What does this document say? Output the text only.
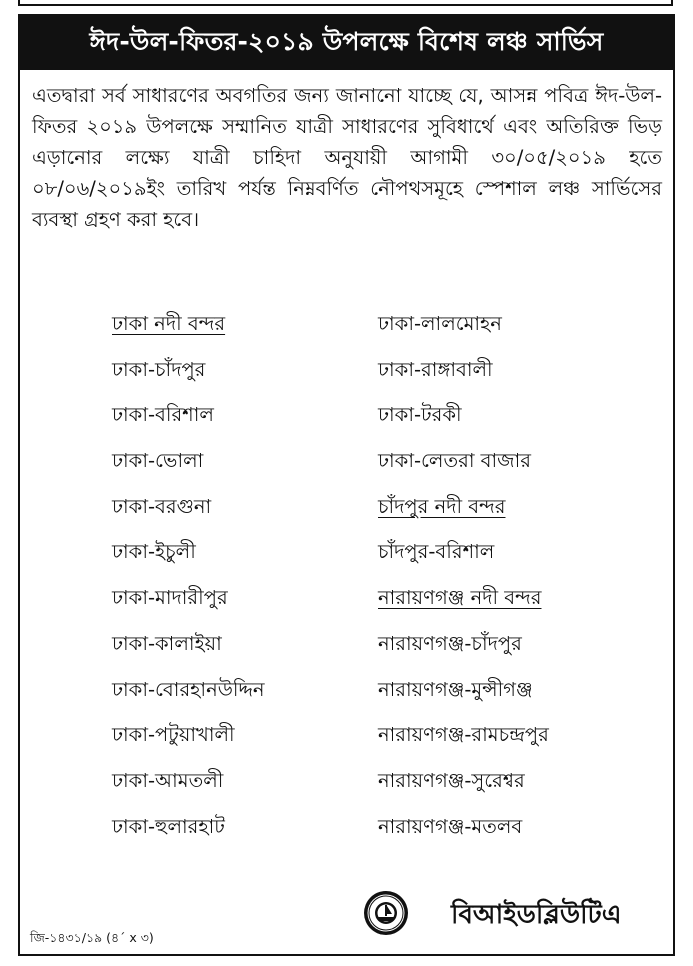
ঈদ-উল-ফিতর-২০১৯ উপলক্ষে বিশেষ লঞ্চ সার্ভিস
এতদ্বারা সর্ব সাধারণের অবগতির জন্য জানানো যাচ্ছে যে, আসন্ন পবিত্র ঈদ-উল-ফিতর ২০১৯ উপলক্ষে সম্মানিত যাত্রী সাধারণের সুবিধার্থে এবং অতিরিক্ত ভিড় এড়ানোর লক্ষ্যে যাত্রী চাহিদা অনুযায়ী আগামী ৩০/০৫/২০১৯ হতে ০৮/০৬/২০১৯ইং তারিখ পর্যন্ত নিম্নবর্ণিত নৌপথসমূহে স্পেশাল লঞ্চ সার্ভিসের ব্যবস্থা গ্রহণ করা হবে।
ঢাকা নদী বন্দর
ঢাকা-চাঁদপুর
ঢাকা-বরিশাল
ঢাকা-ভোলা
ঢাকা-বরগুনা
ঢাকা-ইচুলী
ঢাকা-মাদারীপুর
ঢাকা-কালাইয়া
ঢাকা-বোরহানউদ্দিন
ঢাকা-পটুয়াখালী
ঢাকা-আমতলী
ঢাকা-হুলারহাট
ঢাকা-লালমোহন
ঢাকা-রাঙ্গাবালী
ঢাকা-টরকী
ঢাকা-লেতরা বাজার
চাঁদপুর নদী বন্দর
চাঁদপুর-বরিশাল
নারায়ণগঞ্জ নদী বন্দর
নারায়ণগঞ্জ-চাঁদপুর
নারায়ণগঞ্জ-মুন্সীগঞ্জ
নারায়ণগঞ্জ-রামচন্দ্রপুর
নারায়ণগঞ্জ-সুরেশ্বর
নারায়ণগঞ্জ-মতলব
বিআইডব্লিউটিএ
জি-১৪৩১/১৯ (৪´ x ৩)
